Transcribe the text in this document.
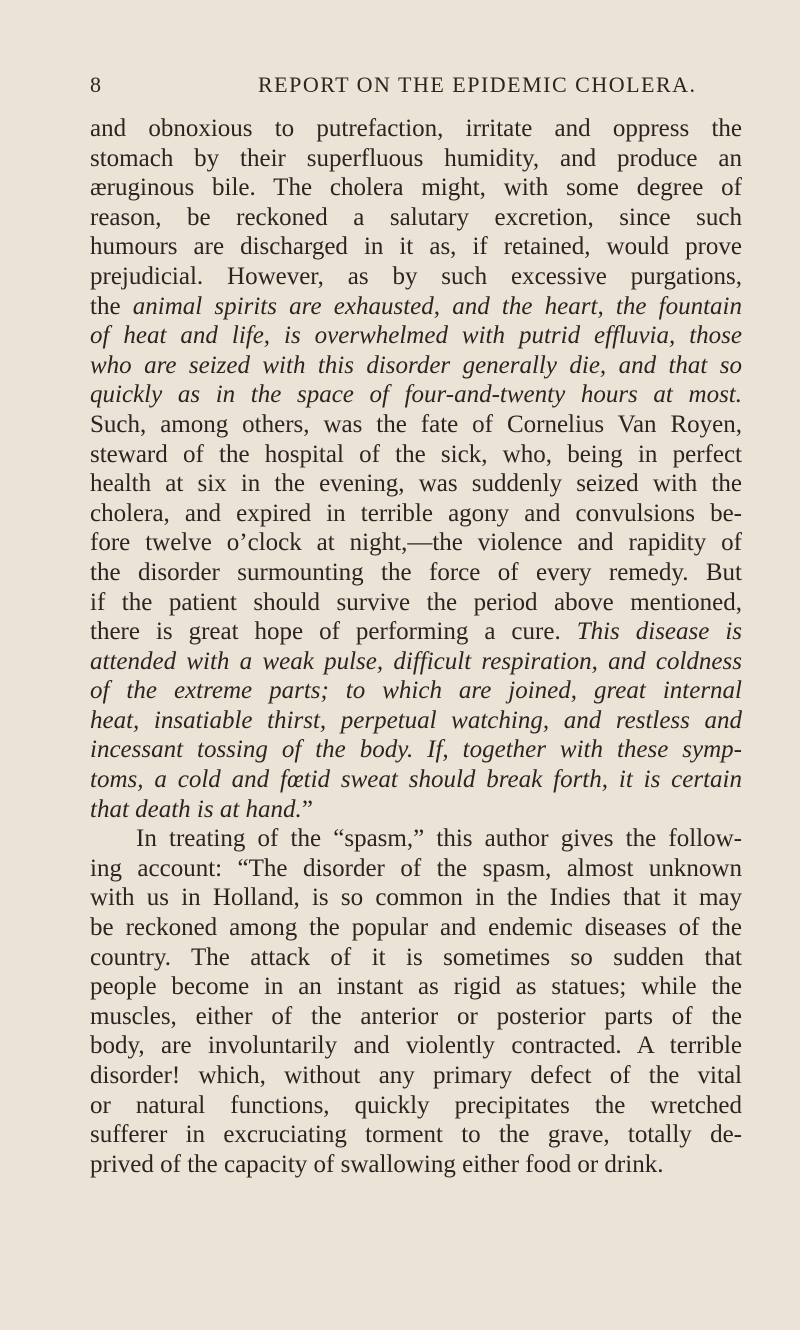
8	REPORT ON THE EPIDEMIC CHOLERA.
and obnoxious to putrefaction, irritate and oppress the
stomach by their superfluous humidity, and produce an
æruginous bile. The cholera might, with some degree of
reason, be reckoned a salutary excretion, since such
humours are discharged in it as, if retained, would prove
prejudicial. However, as by such excessive purgations,
the animal spirits are exhausted, and the heart, the fountain
of heat and life, is overwhelmed with putrid effluvia, those
who are seized with this disorder generally die, and that so
quickly as in the space of four-and-twenty hours at most.
Such, among others, was the fate of Cornelius Van Royen,
steward of the hospital of the sick, who, being in perfect
health at six in the evening, was suddenly seized with the
cholera, and expired in terrible agony and convulsions be-
fore twelve o’clock at night,—the violence and rapidity of
the disorder surmounting the force of every remedy. But
if the patient should survive the period above mentioned,
there is great hope of performing a cure. This disease is
attended with a weak pulse, difficult respiration, and coldness
of the extreme parts; to which are joined, great internal
heat, insatiable thirst, perpetual watching, and restless and
incessant tossing of the body. If, together with these symp-
toms, a cold and fœtid sweat should break forth, it is certain
that death is at hand.”
In treating of the “spasm,” this author gives the follow-
ing account: “The disorder of the spasm, almost unknown
with us in Holland, is so common in the Indies that it may
be reckoned among the popular and endemic diseases of the
country. The attack of it is sometimes so sudden that
people become in an instant as rigid as statues; while the
muscles, either of the anterior or posterior parts of the
body, are involuntarily and violently contracted. A terrible
disorder! which, without any primary defect of the vital
or natural functions, quickly precipitates the wretched
sufferer in excruciating torment to the grave, totally de-
prived of the capacity of swallowing either food or drink.
